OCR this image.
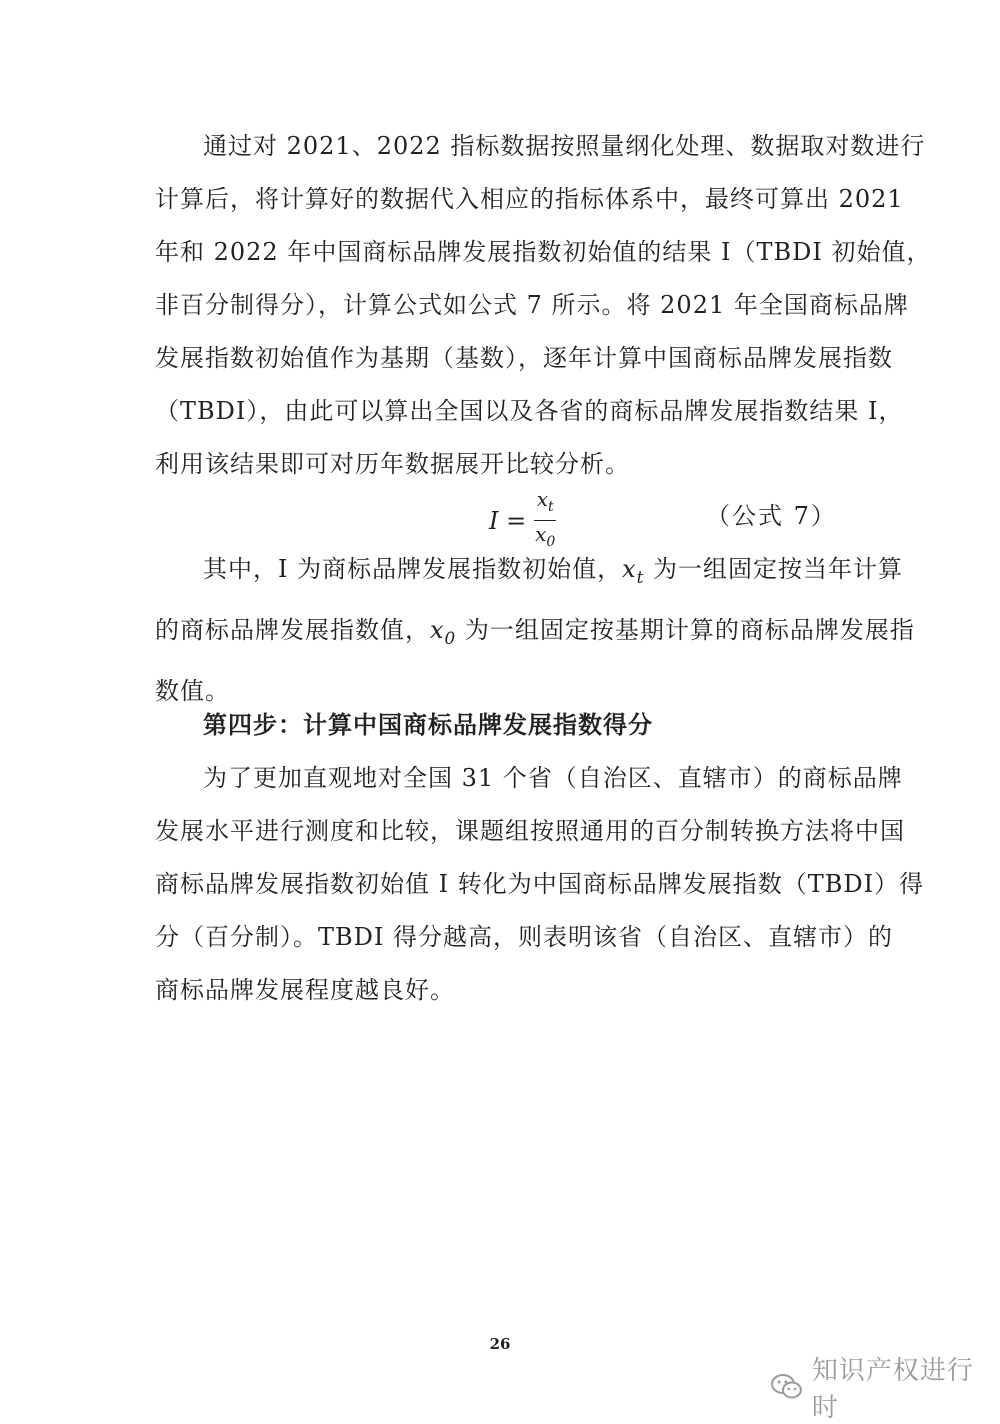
通过对 2021、2022 指标数据按照量纲化处理、数据取对数进行
计算后，将计算好的数据代入相应的指标体系中，最终可算出 2021
年和 2022 年中国商标品牌发展指数初始值的结果 I（TBDI 初始值，
非百分制得分），计算公式如公式 7 所示。将 2021 年全国商标品牌
发展指数初始值作为基期（基数），逐年计算中国商标品牌发展指数
（TBDI），由此可以算出全国以及各省的商标品牌发展指数结果 I，
利用该结果即可对历年数据展开比较分析。
$I = \frac{x_t}{x_0}$	（公式 7）
其中，I 为商标品牌发展指数初始值，$x_t$ 为一组固定按当年计算
的商标品牌发展指数值，$x_0$ 为一组固定按基期计算的商标品牌发展指
数值。
第四步：计算中国商标品牌发展指数得分
为了更加直观地对全国 31 个省（自治区、直辖市）的商标品牌
发展水平进行测度和比较，课题组按照通用的百分制转换方法将中国
商标品牌发展指数初始值 I 转化为中国商标品牌发展指数（TBDI）得
分（百分制）。TBDI 得分越高，则表明该省（自治区、直辖市）的
商标品牌发展程度越良好。
26
知识产权进行时
